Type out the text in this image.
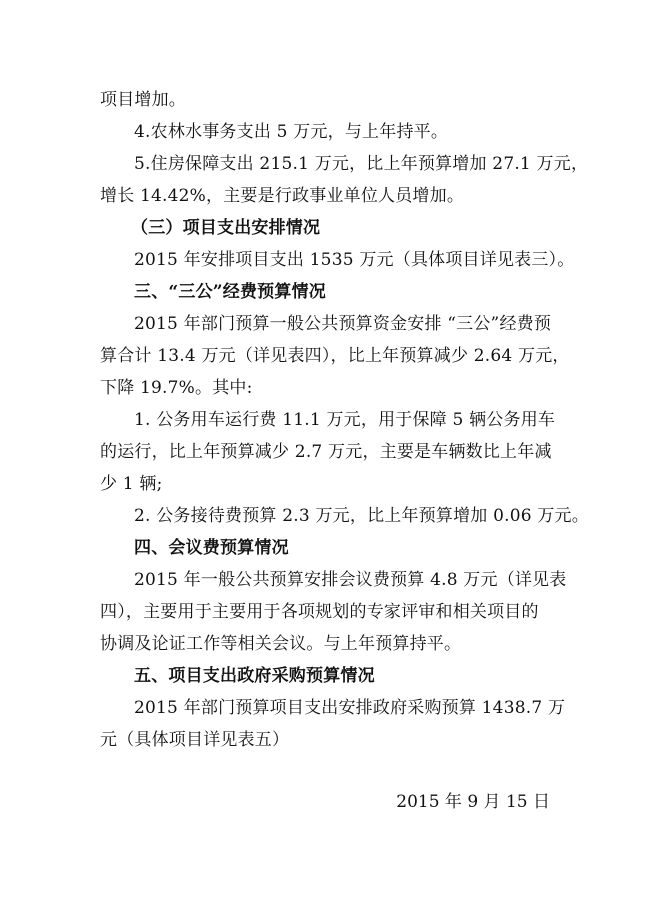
项目增加。
4.农林水事务支出 5 万元，与上年持平。
5.住房保障支出 215.1 万元，比上年预算增加 27.1 万元，
增长 14.42%，主要是行政事业单位人员增加。
（三）项目支出安排情况
2015 年安排项目支出 1535 万元（具体项目详见表三）。
三、“三公”经费预算情况
2015 年部门预算一般公共预算资金安排 “三公”经费预
算合计 13.4 万元（详见表四），比上年预算减少 2.64 万元，
下降 19.7%。其中:
1. 公务用车运行费 11.1 万元，用于保障 5 辆公务用车
的运行，比上年预算减少 2.7 万元，主要是车辆数比上年减
少 1 辆;
2. 公务接待费预算 2.3 万元，比上年预算增加 0.06 万元。
四、会议费预算情况
2015 年一般公共预算安排会议费预算 4.8 万元（详见表
四），主要用于主要用于各项规划的专家评审和相关项目的
协调及论证工作等相关会议。与上年预算持平。
五、项目支出政府采购预算情况
2015 年部门预算项目支出安排政府采购预算 1438.7 万
元（具体项目详见表五）
2015 年 9 月 15 日
